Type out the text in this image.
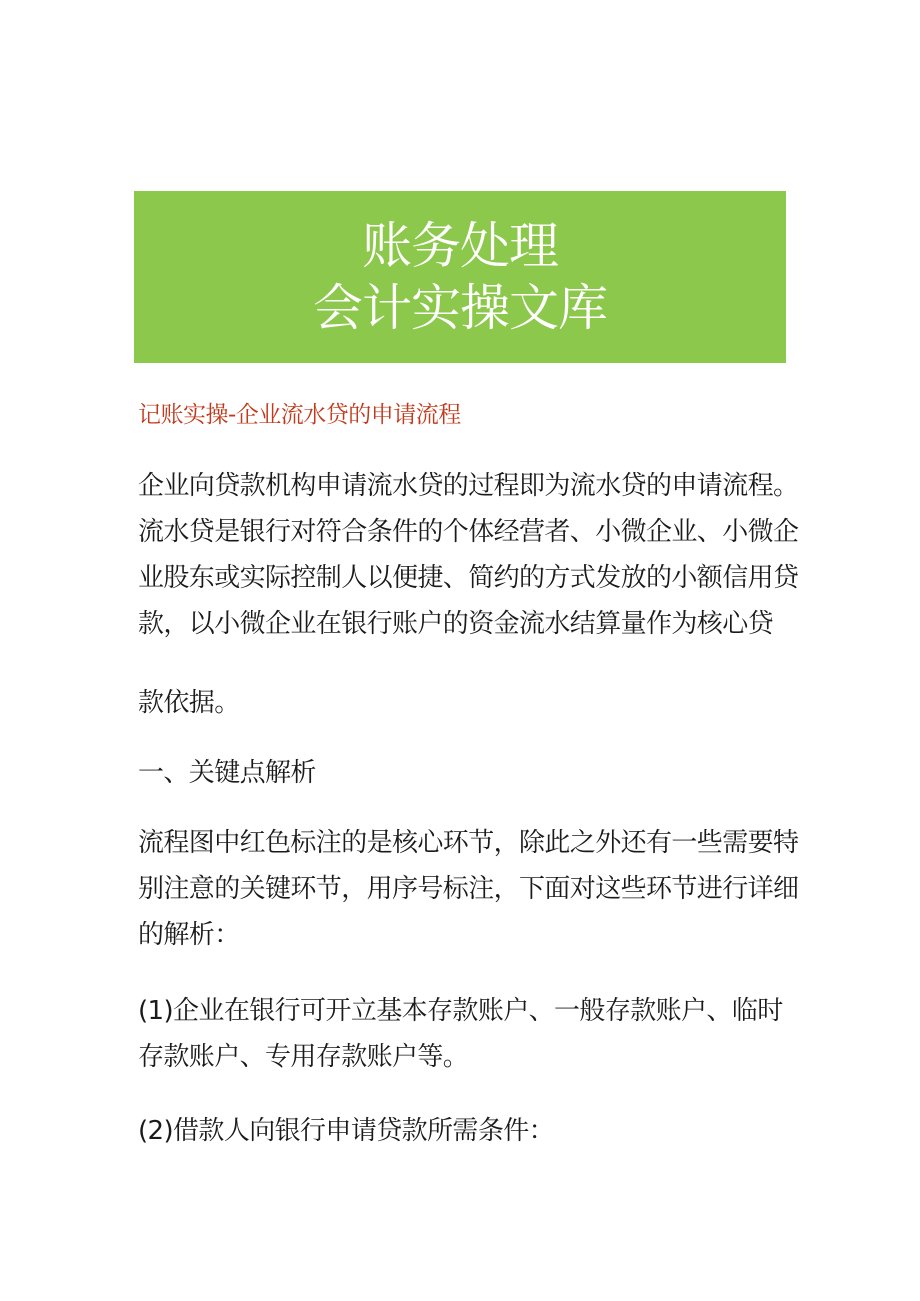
账务处理
会计实操文库
记账实操-企业流水贷的申请流程
企业向贷款机构申请流水贷的过程即为流水贷的申请流程。
流水贷是银行对符合条件的个体经营者、小微企业、小微企
业股东或实际控制人以便捷、简约的方式发放的小额信用贷
款，以小微企业在银行账户的资金流水结算量作为核心贷
款依据。
一、关键点解析
流程图中红色标注的是核心环节，除此之外还有一些需要特
别注意的关键环节，用序号标注，下面对这些环节进行详细
的解析：
(1)企业在银行可开立基本存款账户、一般存款账户、临时
存款账户、专用存款账户等。
(2)借款人向银行申请贷款所需条件：
